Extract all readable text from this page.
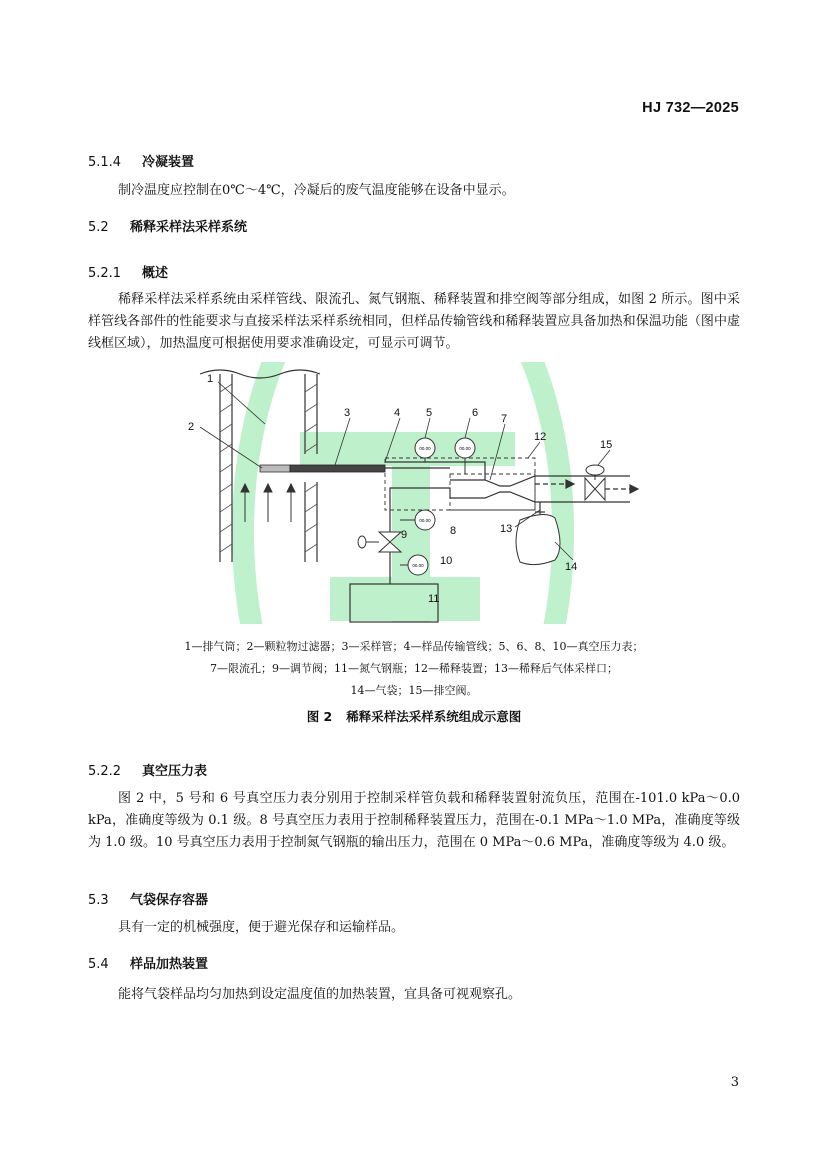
HJ 732—2025
5.1.4 冷凝装置
制冷温度应控制在0℃～4℃，冷凝后的废气温度能够在设备中显示。
5.2 稀释采样法采样系统
5.2.1 概述
稀释采样法采样系统由采样管线、限流孔、氮气钢瓶、稀释装置和排空阀等部分组成，如图 2 所示。图中采样管线各部件的性能要求与直接采样法采样系统相同，但样品传输管线和稀释装置应具备加热和保温功能（图中虚线框区域），加热温度可根据使用要求准确设定，可显示可调节。
00.00	00.00
00.00
00.00
1
2
3	4 5	6 7
8
9
10
11
12
13
14
15
1—排气筒；2—颗粒物过滤器；3—采样管；4—样品传输管线；5、6、8、10—真空压力表；
7—限流孔；9—调节阀；11—氮气钢瓶；12—稀释装置；13—稀释后气体采样口；
14—气袋；15—排空阀。
图 2 稀释采样法采样系统组成示意图
5.2.2 真空压力表
图 2 中，5 号和 6 号真空压力表分别用于控制采样管负载和稀释装置射流负压，范围在-101.0 kPa～0.0 kPa，准确度等级为 0.1 级。8 号真空压力表用于控制稀释装置压力，范围在-0.1 MPa～1.0 MPa，准确度等级为 1.0 级。10 号真空压力表用于控制氮气钢瓶的输出压力，范围在 0 MPa～0.6 MPa，准确度等级为 4.0 级。
5.3 气袋保存容器
具有一定的机械强度，便于避光保存和运输样品。
5.4 样品加热装置
能将气袋样品均匀加热到设定温度值的加热装置，宜具备可视观察孔。
3
